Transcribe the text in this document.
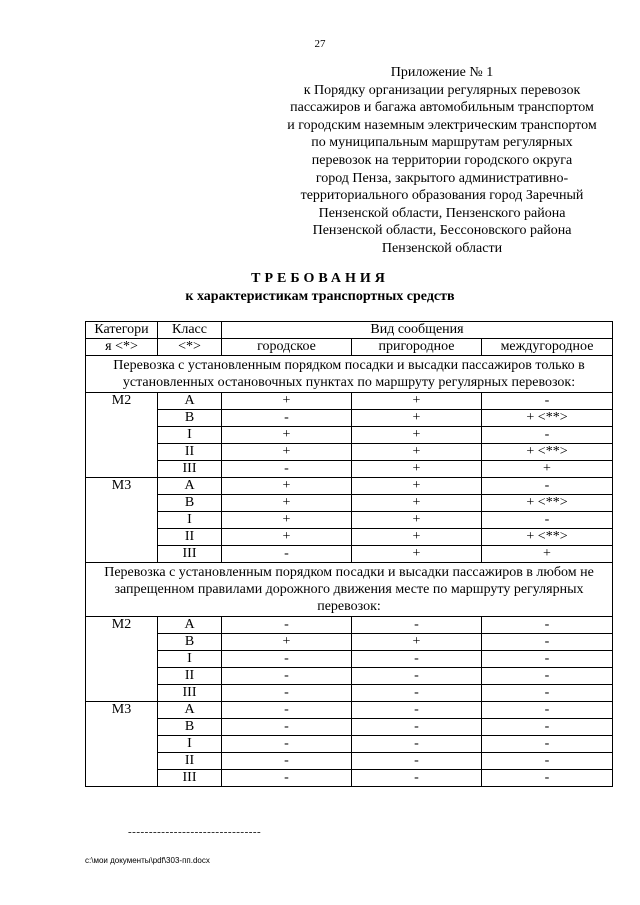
27
Приложение № 1
к Порядку организации регулярных перевозок
пассажиров и багажа автомобильным транспортом
и городским наземным электрическим транспортом
по муниципальным маршрутам регулярных
перевозок на территории городского округа
город Пенза, закрытого административно-
территориального образования город Заречный
Пензенской области, Пензенского района
Пензенской области, Бессоновского района
Пензенской области
ТРЕБОВАНИЯ
к характеристикам транспортных средств
Категори	Класс	Вид сообщения		
я <*>	<*>	городское	пригородное	междугородное
Перевозка с установленным порядком посадки и высадки пассажиров только в установленных остановочных пунктах по маршруту регулярных перевозок:				
М2	A	+	+	-
	B	-	+	+ <**>
	I	+	+	-
	II	+	+	+ <**>
	III	-	+	+
М3	A	+	+	-
	B	+	+	+ <**>
	I	+	+	-
	II	+	+	+ <**>
	III	-	+	+
Перевозка с установленным порядком посадки и высадки пассажиров в любом не запрещенном правилами дорожного движения месте по маршруту регулярных перевозок:				
М2	A	-	-	-
	B	+	+	-
	I	-	-	-
	II	-	-	-
	III	-	-	-
М3	A	-	-	-
	B	-	-	-
	I	-	-	-
	II	-	-	-
	III	-	-	-
--------------------------------
c:\мои документы\pdf\303-пп.docx
